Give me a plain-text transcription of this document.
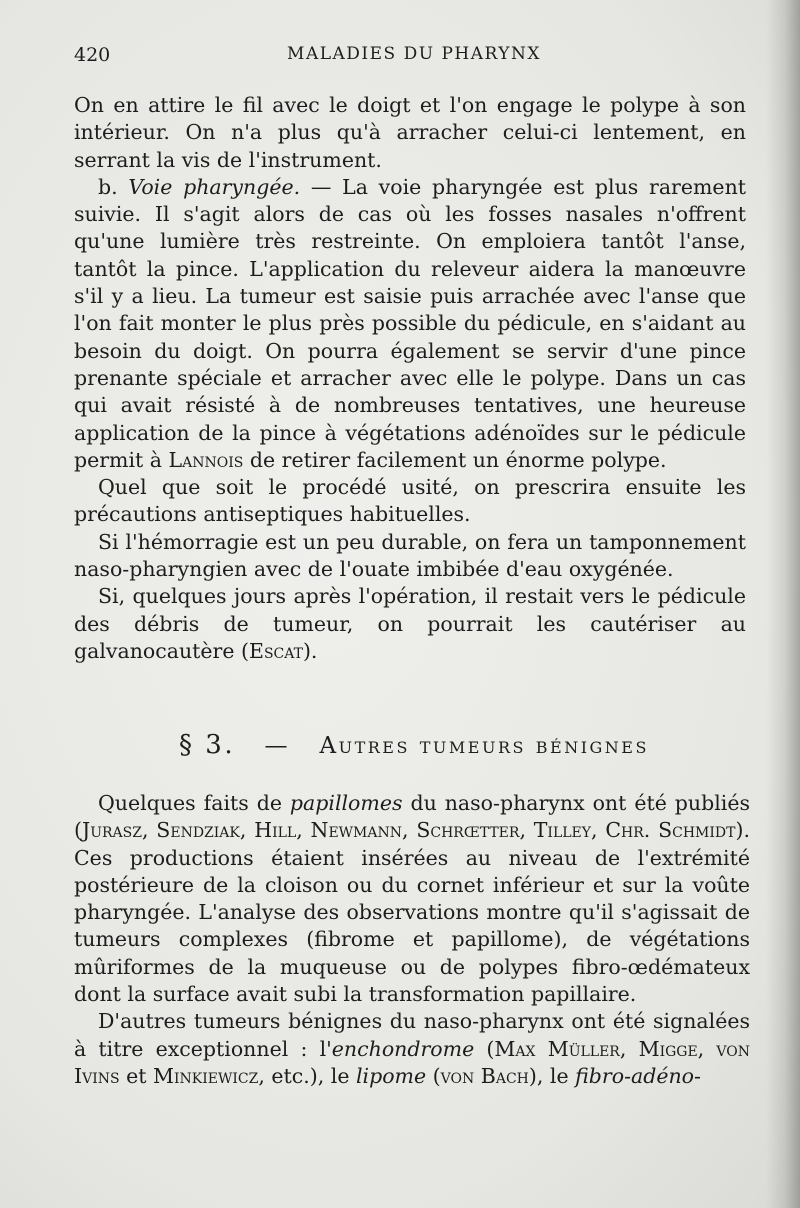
420	MALADIES DU PHARYNX

On en attire le fil avec le doigt et l'on engage le polype à son intérieur. On n'a plus qu'à arracher celui-ci lentement, en serrant la vis de l'instrument.

b. Voie pharyngée. — La voie pharyngée est plus rarement suivie. Il s'agit alors de cas où les fosses nasales n'offrent qu'une lumière très restreinte. On emploiera tantôt l'anse, tantôt la pince. L'application du releveur aidera la manœuvre s'il y a lieu. La tumeur est saisie puis arrachée avec l'anse que l'on fait monter le plus près possible du pédicule, en s'aidant au besoin du doigt. On pourra également se servir d'une pince prenante spéciale et arracher avec elle le polype. Dans un cas qui avait résisté à de nombreuses tentatives, une heureuse application de la pince à végétations adénoïdes sur le pédicule permit à Lannois de retirer facilement un énorme polype.

Quel que soit le procédé usité, on prescrira ensuite les précautions antiseptiques habituelles.

Si l'hémorragie est un peu durable, on fera un tamponnement naso-pharyngien avec de l'ouate imbibée d'eau oxygénée.

Si, quelques jours après l'opération, il restait vers le pédicule des débris de tumeur, on pourrait les cautériser au galvanocautère (Escat).

§ 3. — Autres tumeurs bénignes

Quelques faits de papillomes du naso-pharynx ont été publiés (Jurasz, Sendziak, Hill, Newmann, Schrœtter, Tilley, Chr. Schmidt). Ces productions étaient insérées au niveau de l'extrémité postérieure de la cloison ou du cornet inférieur et sur la voûte pharyngée. L'analyse des observations montre qu'il s'agissait de tumeurs complexes (fibrome et papillome), de végétations mûriformes de la muqueuse ou de polypes fibro-œdémateux dont la surface avait subi la transformation papillaire.

D'autres tumeurs bénignes du naso-pharynx ont été signalées à titre exceptionnel : l'enchondrome (Max Müller, Migge, von Ivins et Minkiewicz, etc.), le lipome (von Bach), le fibro-adéno-
